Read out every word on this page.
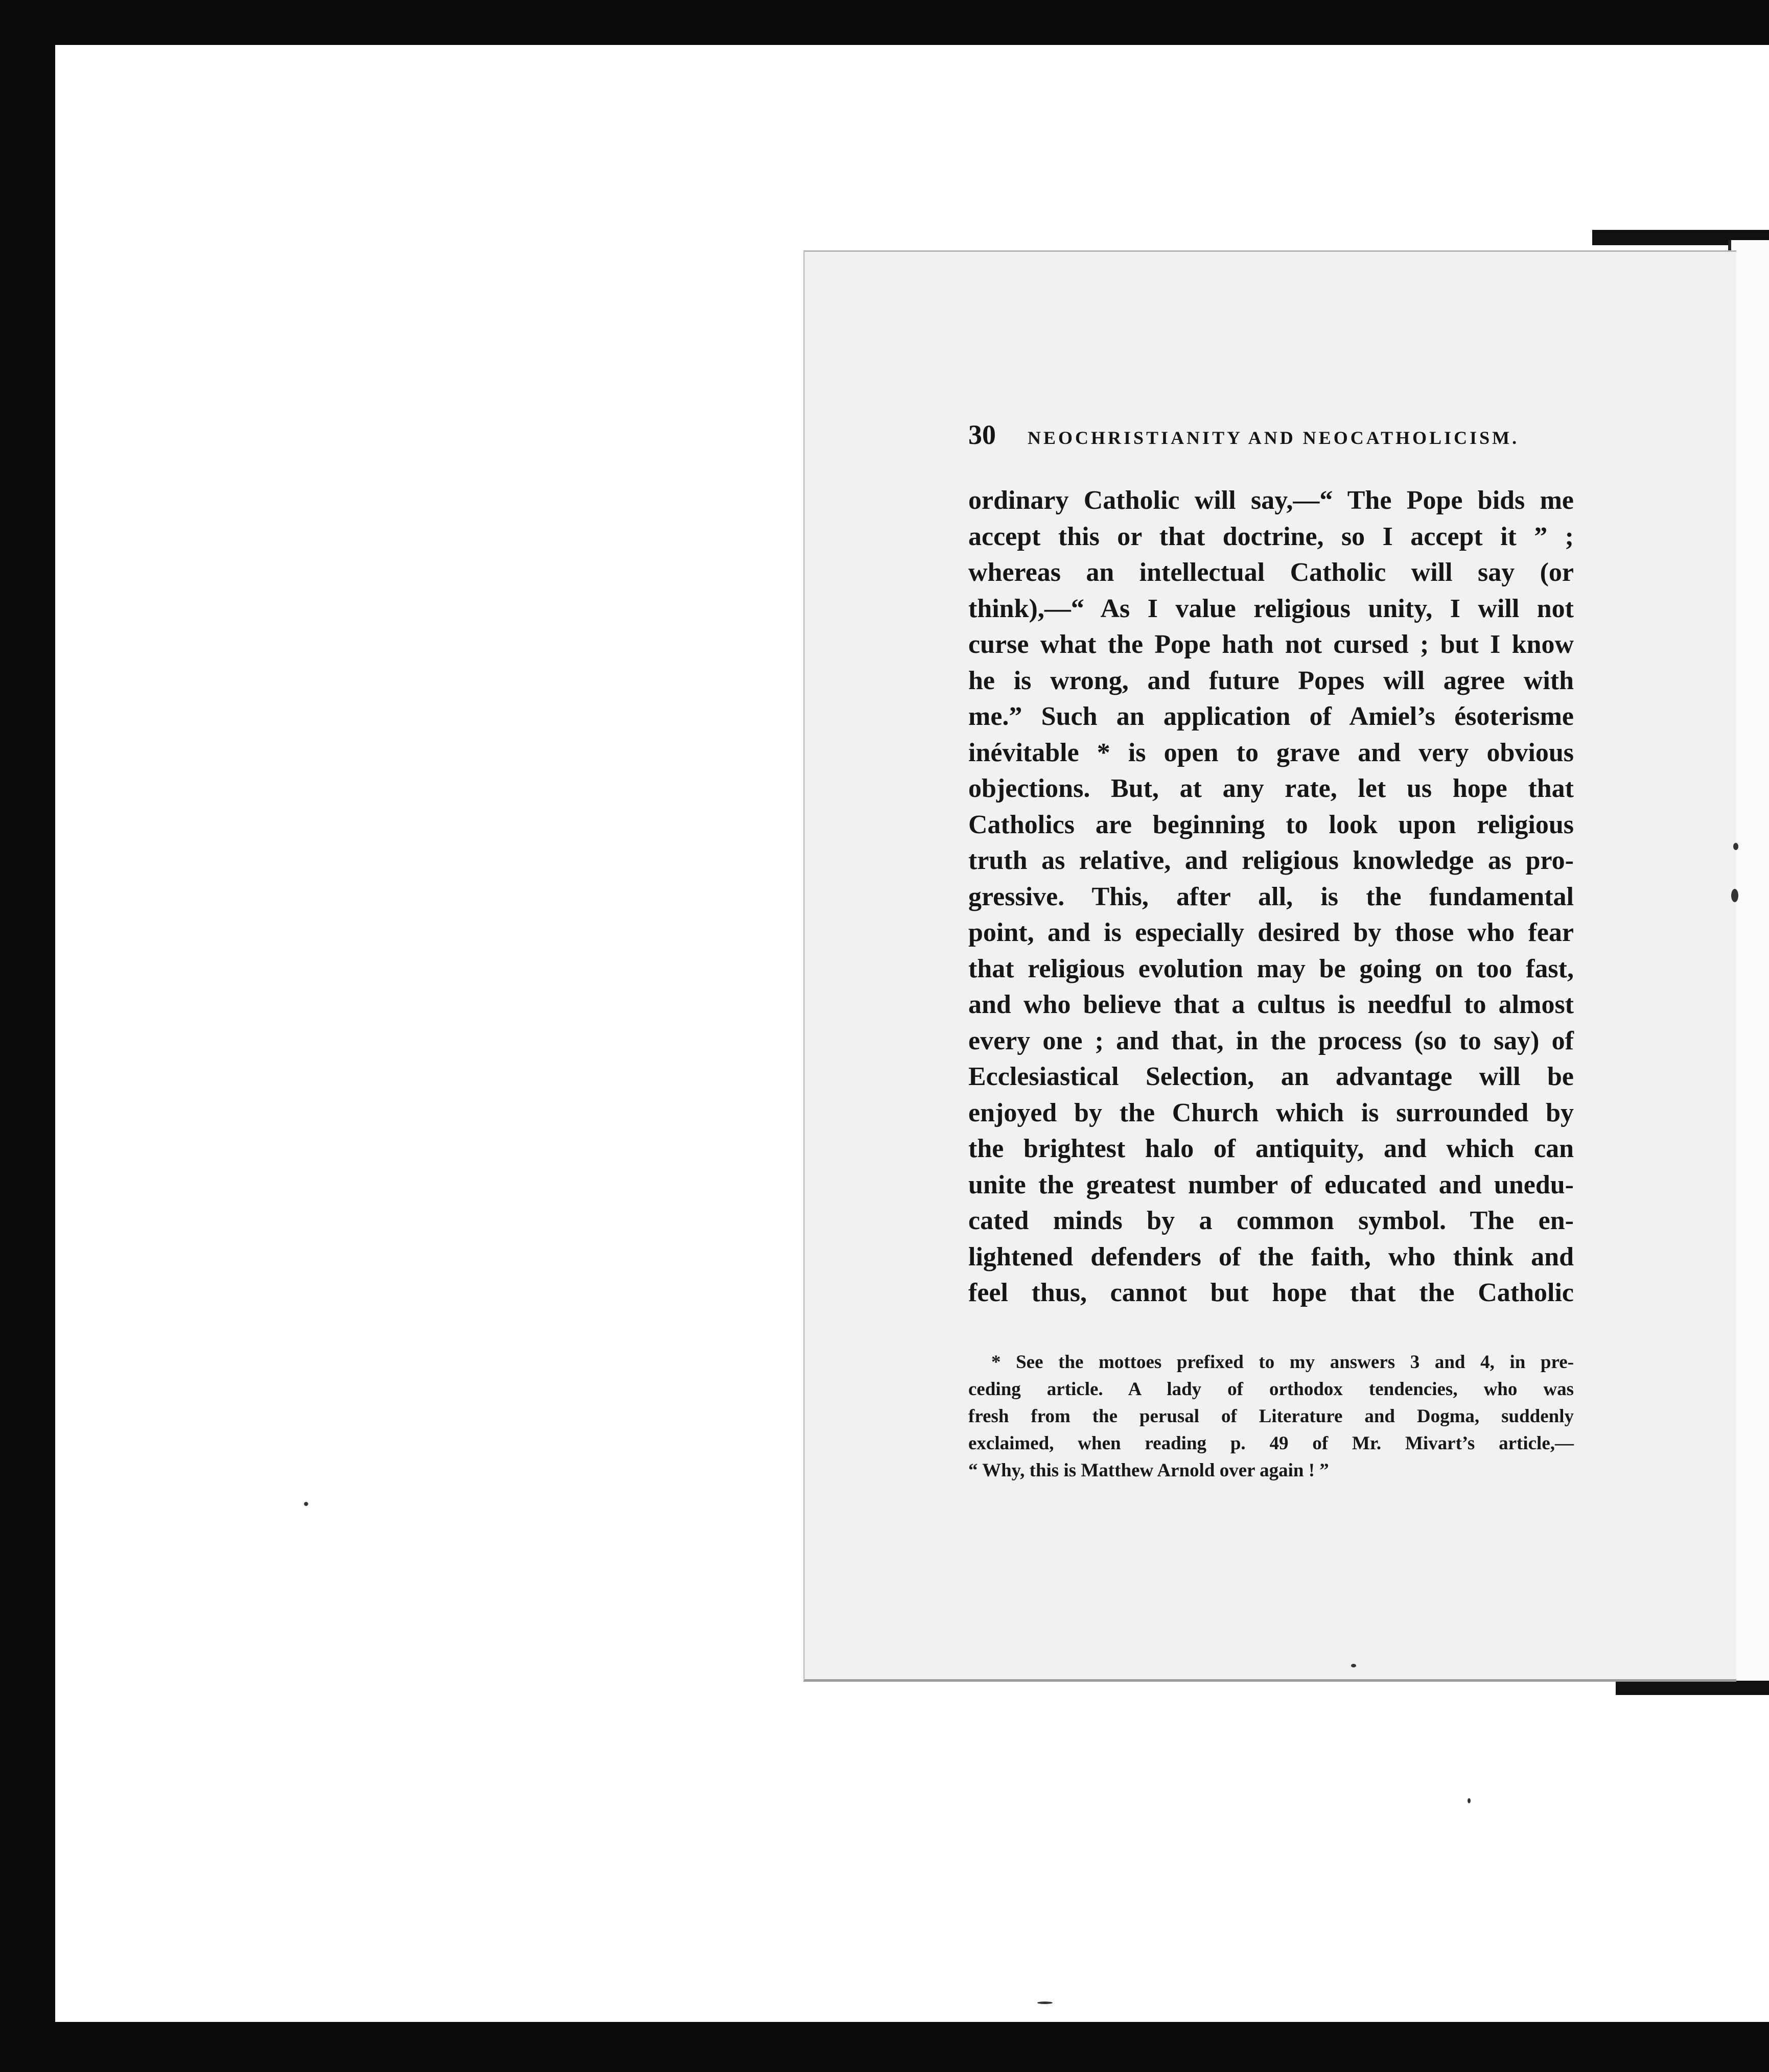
30 NEOCHRISTIANITY AND NEOCATHOLICISM.
ordinary Catholic will say,—“ The Pope bids me
accept this or that doctrine, so I accept it ” ;
whereas an intellectual Catholic will say (or
think),—“ As I value religious unity, I will not
curse what the Pope hath not cursed ; but I know
he is wrong, and future Popes will agree with
me.” Such an application of Amiel’s ésoterisme
inévitable * is open to grave and very obvious
objections. But, at any rate, let us hope that
Catholics are beginning to look upon religious
truth as relative, and religious knowledge as pro-
gressive. This, after all, is the fundamental
point, and is especially desired by those who fear
that religious evolution may be going on too fast,
and who believe that a cultus is needful to almost
every one ; and that, in the process (so to say) of
Ecclesiastical Selection, an advantage will be
enjoyed by the Church which is surrounded by
the brightest halo of antiquity, and which can
unite the greatest number of educated and unedu-
cated minds by a common symbol. The en-
lightened defenders of the faith, who think and
feel thus, cannot but hope that the Catholic
* See the mottoes prefixed to my answers 3 and 4, in pre-
ceding article. A lady of orthodox tendencies, who was
fresh from the perusal of Literature and Dogma, suddenly
exclaimed, when reading p. 49 of Mr. Mivart’s article,—
“ Why, this is Matthew Arnold over again ! ”
